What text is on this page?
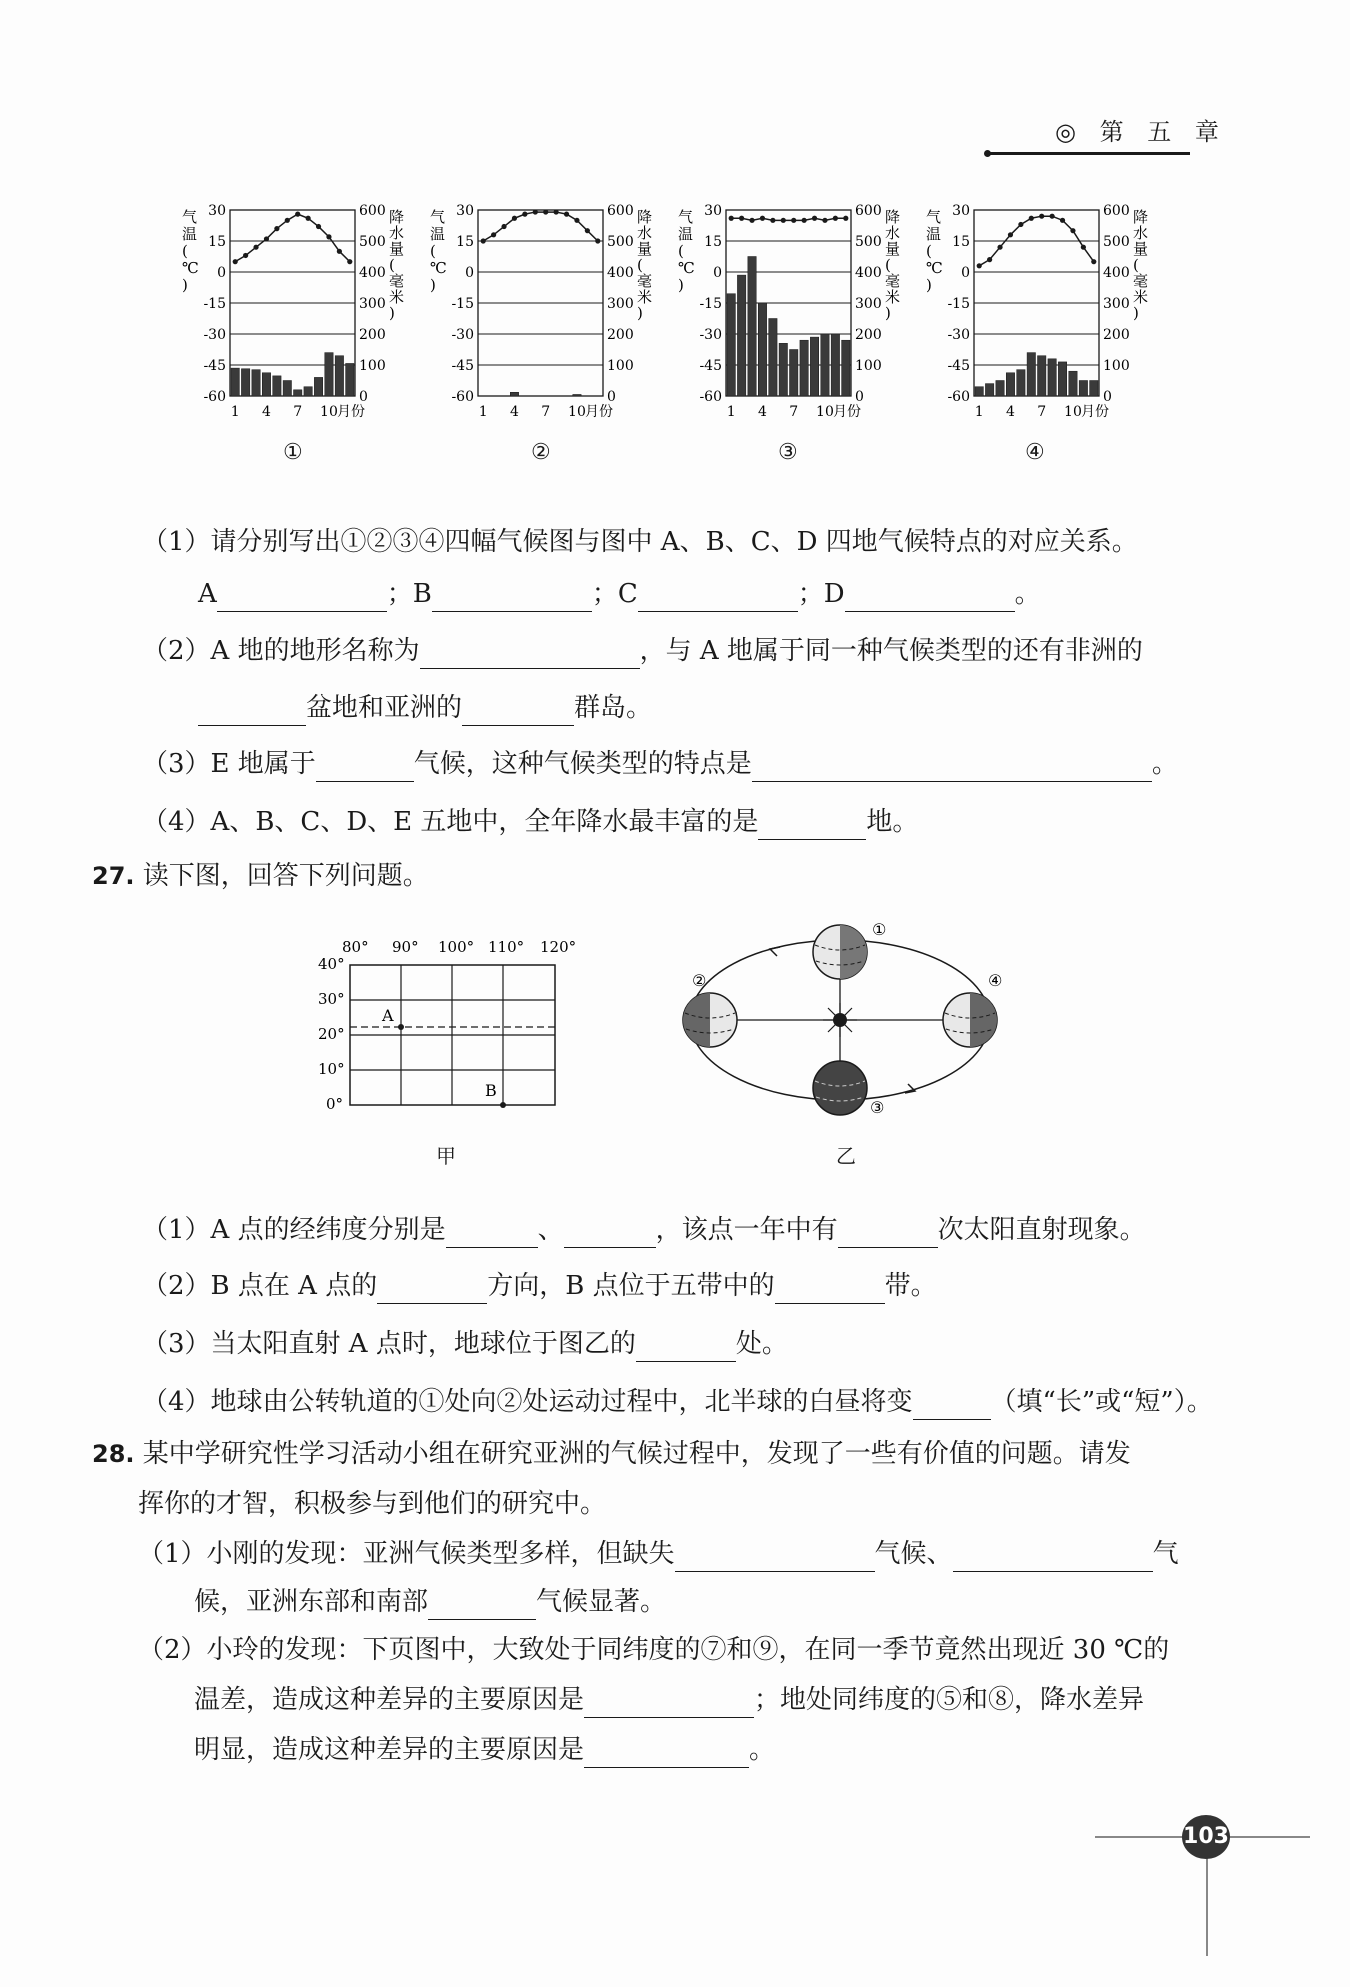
◎ 第 五 章
气
温
(
℃
)
降
水
量
(
毫
米
)
30	600
15	500
0	400
-15	300
-30	200
-45	100
-60	0
1 4 7 10 月份
气
温
(
℃
)
降
水
量
(
毫
米
)
30	600
15	500
0	400
-15	300
-30	200
-45	100
-60	0
1 4 7 10 月份
气
温
(
℃
)
降
水
量
(
毫
米
)
30	600
15	500
0	400
-15	300
-30	200
-45	100
-60	0
1 4 7 10 月份
气
温
(
℃
)
降
水
量
(
毫
米
)
30	600
15	500
0	400
-15	300
-30	200
-45	100
-60	0
1 4 7 10 月份
①	②	③	④
（1）请分别写出①②③④四幅气候图与图中 A、B、C、D 四地气候特点的对应关系。
A	；B	；C	；D	。
（2）A 地的地形名称为	，与 A 地属于同一种气候类型的还有非洲的
盆地和亚洲的	群岛。
（3）E 地属于	气候，这种气候类型的特点是	。
（4）A、B、C、D、E 五地中，全年降水最丰富的是	地。
27. 读下图，回答下列问题。
80° 90° 100° 110° 120°
40°
30°
20°
10°
0°
A
B
甲
①
②
③
④
乙
（1）A 点的经纬度分别是	、	，该点一年中有	次太阳直射现象。
（2）B 点在 A 点的	方向，B 点位于五带中的	带。
（3）当太阳直射 A 点时，地球位于图乙的	处。
（4）地球由公转轨道的①处向②处运动过程中，北半球的白昼将变	（填“长”或“短”）。
28. 某中学研究性学习活动小组在研究亚洲的气候过程中，发现了一些有价值的问题。请发
挥你的才智，积极参与到他们的研究中。
（1）小刚的发现：亚洲气候类型多样，但缺失	气候、	气
候，亚洲东部和南部	气候显著。
（2）小玲的发现：下页图中，大致处于同纬度的⑦和⑨，在同一季节竟然出现近 30 ℃的
温差，造成这种差异的主要原因是	；地处同纬度的⑤和⑧，降水差异
明显，造成这种差异的主要原因是	。
103
